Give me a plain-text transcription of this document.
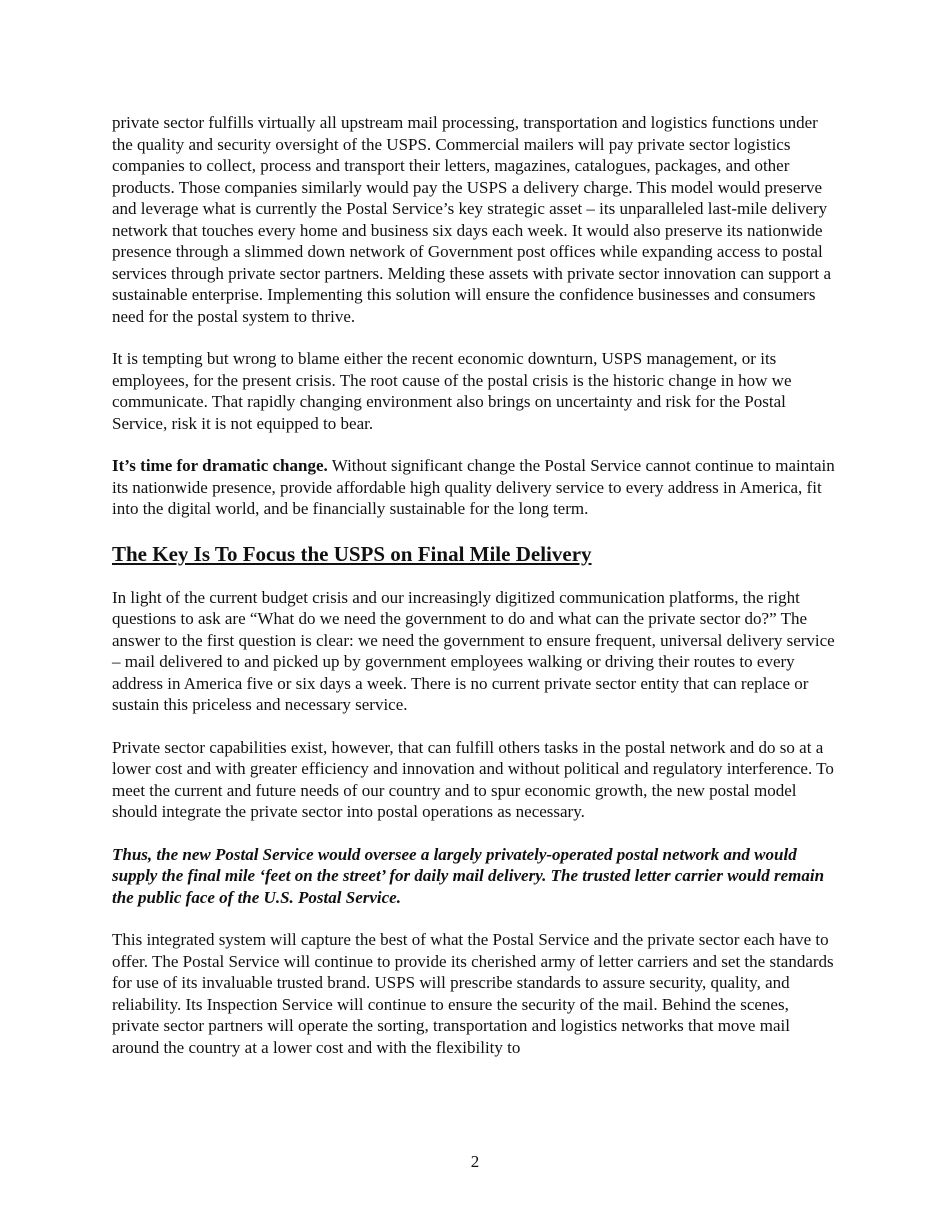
private sector fulfills virtually all upstream mail processing, transportation and logistics functions under the quality and security oversight of the USPS. Commercial mailers will pay private sector logistics companies to collect, process and transport their letters, magazines, catalogues, packages, and other products. Those companies similarly would pay the USPS a delivery charge. This model would preserve and leverage what is currently the Postal Service’s key strategic asset – its unparalleled last-mile delivery network that touches every home and business six days each week. It would also preserve its nationwide presence through a slimmed down network of Government post offices while expanding access to postal services through private sector partners. Melding these assets with private sector innovation can support a sustainable enterprise. Implementing this solution will ensure the confidence businesses and consumers need for the postal system to thrive.

It is tempting but wrong to blame either the recent economic downturn, USPS management, or its employees, for the present crisis. The root cause of the postal crisis is the historic change in how we communicate. That rapidly changing environment also brings on uncertainty and risk for the Postal Service, risk it is not equipped to bear.

It’s time for dramatic change. Without significant change the Postal Service cannot continue to maintain its nationwide presence, provide affordable high quality delivery service to every address in America, fit into the digital world, and be financially sustainable for the long term.

The Key Is To Focus the USPS on Final Mile Delivery

In light of the current budget crisis and our increasingly digitized communication platforms, the right questions to ask are “What do we need the government to do and what can the private sector do?” The answer to the first question is clear: we need the government to ensure frequent, universal delivery service – mail delivered to and picked up by government employees walking or driving their routes to every address in America five or six days a week. There is no current private sector entity that can replace or sustain this priceless and necessary service.

Private sector capabilities exist, however, that can fulfill others tasks in the postal network and do so at a lower cost and with greater efficiency and innovation and without political and regulatory interference. To meet the current and future needs of our country and to spur economic growth, the new postal model should integrate the private sector into postal operations as necessary.

Thus, the new Postal Service would oversee a largely privately-operated postal network and would supply the final mile ‘feet on the street’ for daily mail delivery. The trusted letter carrier would remain the public face of the U.S. Postal Service.

This integrated system will capture the best of what the Postal Service and the private sector each have to offer. The Postal Service will continue to provide its cherished army of letter carriers and set the standards for use of its invaluable trusted brand. USPS will prescribe standards to assure security, quality, and reliability. Its Inspection Service will continue to ensure the security of the mail. Behind the scenes, private sector partners will operate the sorting, transportation and logistics networks that move mail around the country at a lower cost and with the flexibility to

2
